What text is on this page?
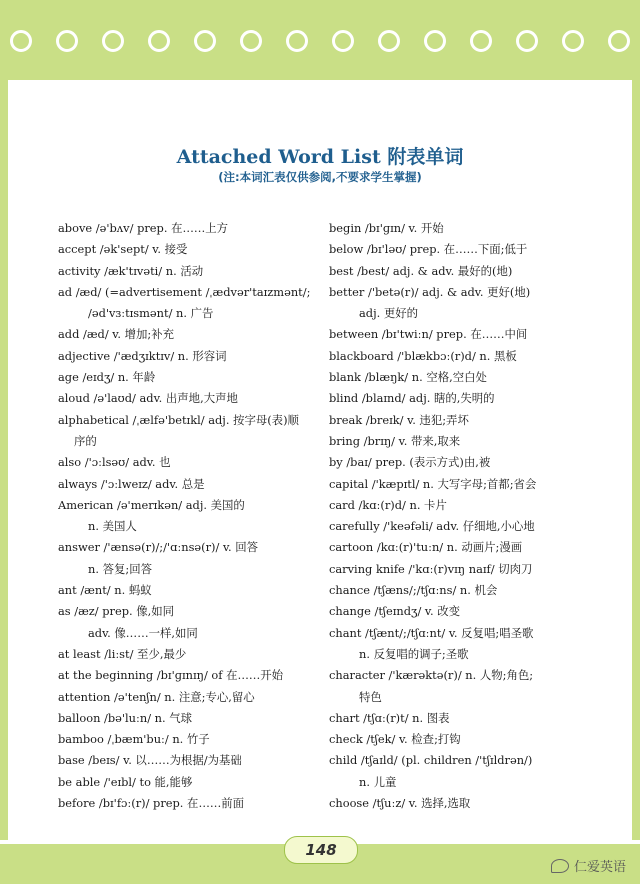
Attached Word List 附表单词
(注:本词汇表仅供参阅,不要求学生掌握)
above /ə'bʌv/ prep. 在……上方
accept /ək'sept/ v. 接受
activity /æk'tɪvəti/ n. 活动
ad /æd/ (=advertisement /ˌædvər'taɪzmənt/;
/əd'vɜːtɪsmənt/ n. 广告
add /æd/ v. 增加;补充
adjective /'ædʒɪktɪv/ n. 形容词
age /eɪdʒ/ n. 年龄
aloud /ə'laʊd/ adv. 出声地,大声地
alphabetical /ˌælfə'betɪkl/ adj. 按字母(表)顺
序的
also /'ɔːlsəʊ/ adv. 也
always /'ɔːlweɪz/ adv. 总是
American /ə'merɪkən/ adj. 美国的
n. 美国人
answer /'ænsə(r)/;/'ɑːnsə(r)/ v. 回答
n. 答复;回答
ant /ænt/ n. 蚂蚁
as /æz/ prep. 像,如同
adv. 像……一样,如同
at least /liːst/ 至少,最少
at the beginning /bɪ'ɡɪnɪŋ/ of 在……开始
attention /ə'tenʃn/ n. 注意;专心,留心
balloon /bə'luːn/ n. 气球
bamboo /ˌbæm'buː/ n. 竹子
base /beɪs/ v. 以……为根据/为基础
be able /'eɪbl/ to 能,能够
before /bɪ'fɔː(r)/ prep. 在……前面
begin /bɪ'ɡɪn/ v. 开始
below /bɪ'ləʊ/ prep. 在……下面;低于
best /best/ adj. & adv. 最好的(地)
better /'betə(r)/ adj. & adv. 更好(地)
adj. 更好的
between /bɪ'twiːn/ prep. 在……中间
blackboard /'blækbɔː(r)d/ n. 黑板
blank /blæŋk/ n. 空格,空白处
blind /blaɪnd/ adj. 瞎的,失明的
break /breɪk/ v. 违犯;弄坏
bring /brɪŋ/ v. 带来,取来
by /baɪ/ prep. (表示方式)由,被
capital /'kæpɪtl/ n. 大写字母;首都;省会
card /kɑː(r)d/ n. 卡片
carefully /'keəfəli/ adv. 仔细地,小心地
cartoon /kɑː(r)'tuːn/ n. 动画片;漫画
carving knife /'kɑː(r)vɪŋ naɪf/ 切肉刀
chance /tʃæns/;/tʃɑːns/ n. 机会
change /tʃeɪndʒ/ v. 改变
chant /tʃænt/;/tʃɑːnt/ v. 反复唱;唱圣歌
n. 反复唱的调子;圣歌
character /'kærəktə(r)/ n. 人物;角色;
特色
chart /tʃɑː(r)t/ n. 图表
check /tʃek/ v. 检查;打钩
child /tʃaɪld/ (pl. children /'tʃɪldrən/)
n. 儿童
choose /tʃuːz/ v. 选择,选取
148
仁爱英语
